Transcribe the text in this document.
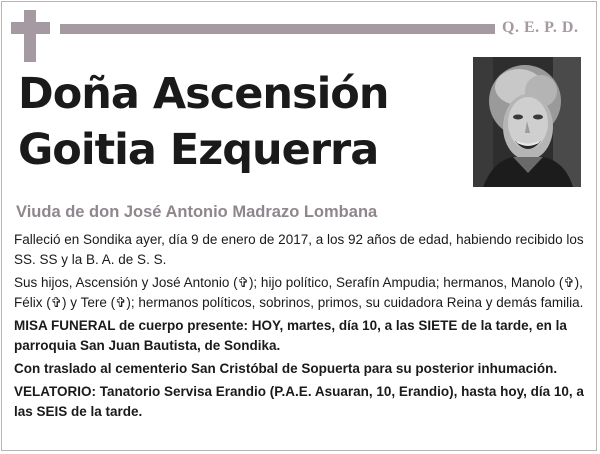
Q. E. P. D.
Doña Ascensión
Goitia Ezquerra
Viuda de don José Antonio Madrazo Lombana

Falleció en Sondika ayer, día 9 de enero de 2017, a los 92 años de edad, habiendo recibido los SS. SS y la B. A. de S. S.

Sus hijos, Ascensión y José Antonio (✞); hijo político, Serafín Ampudia; hermanos, Manolo (✞), Félix (✞) y Tere (✞); hermanos políticos, sobrinos, primos, su cuidadora Reina y demás familia.

MISA FUNERAL de cuerpo presente: HOY, martes, día 10, a las SIETE de la tarde, en la parroquia San Juan Bautista, de Sondika.

Con traslado al cementerio San Cristóbal de Sopuerta para su posterior inhumación.

VELATORIO: Tanatorio Servisa Erandio (P.A.E. Asuaran, 10, Erandio), hasta hoy, día 10, a las SEIS de la tarde.
